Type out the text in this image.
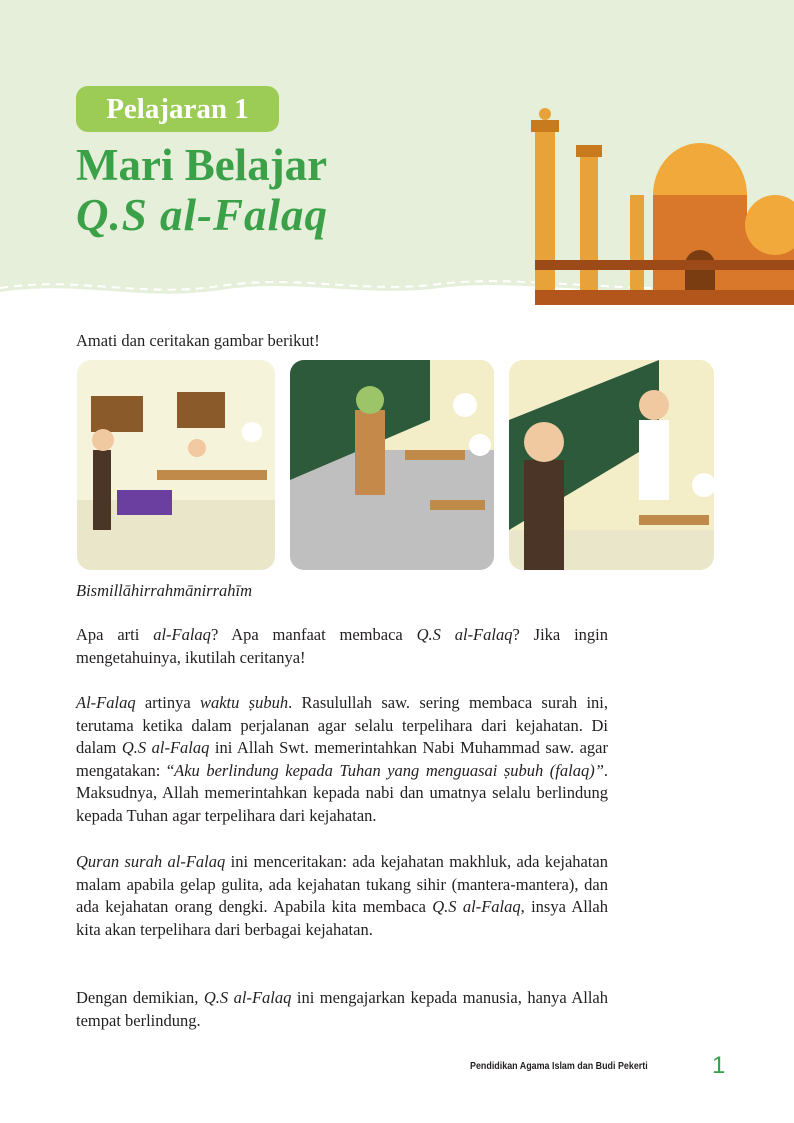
Pelajaran 1
Mari Belajar
Q.S al-Falaq
Amati dan ceritakan gambar berikut!
Bismillāhirrahmānirrahīm

Apa arti al-Falaq? Apa manfaat membaca Q.S al-Falaq? Jika ingin mengetahuinya, ikutilah ceritanya!

Al-Falaq artinya waktu ṣubuh. Rasulullah saw. sering membaca surah ini, terutama ketika dalam perjalanan agar selalu terpelihara dari kejahatan. Di dalam Q.S al-Falaq ini Allah Swt. memerintahkan Nabi Muhammad saw. agar mengatakan: “Aku berlindung kepada Tuhan yang menguasai ṣubuh (falaq)”. Maksudnya, Allah memerintahkan kepada nabi dan umatnya selalu berlindung kepada Tuhan agar terpelihara dari kejahatan.

Quran surah al-Falaq ini menceritakan: ada kejahatan makhluk, ada kejahatan malam apabila gelap gulita, ada kejahatan tukang sihir (mantera-mantera), dan ada kejahatan orang dengki. Apabila kita membaca Q.S al-Falaq, insya Allah kita akan terpelihara dari berbagai kejahatan.

Dengan demikian, Q.S al-Falaq ini mengajarkan kepada manusia, hanya Allah tempat berlindung.

Pendidikan Agama Islam dan Budi Pekerti	1
